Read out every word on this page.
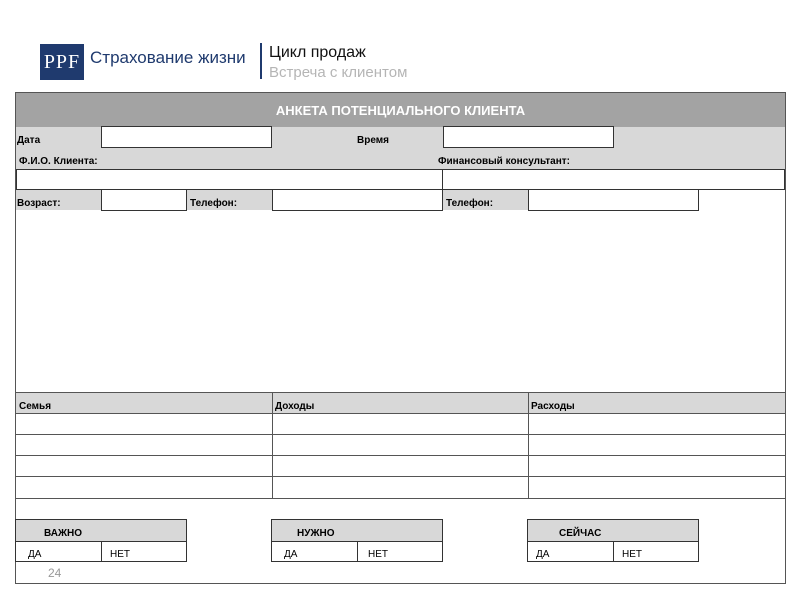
PPF Страхование жизни Цикл продаж
Встреча с клиентом
АНКЕТА ПОТЕНЦИАЛЬНОГО КЛИЕНТА
Дата	Время
Ф.И.О. Клиента:	Финансовый консультант:
Возраст:	Телефон:	Телефон:
Семья	Доходы	Расходы
ВАЖНО
ДА	НЕТ
НУЖНО
ДА	НЕТ
СЕЙЧАС
ДА	НЕТ
24
